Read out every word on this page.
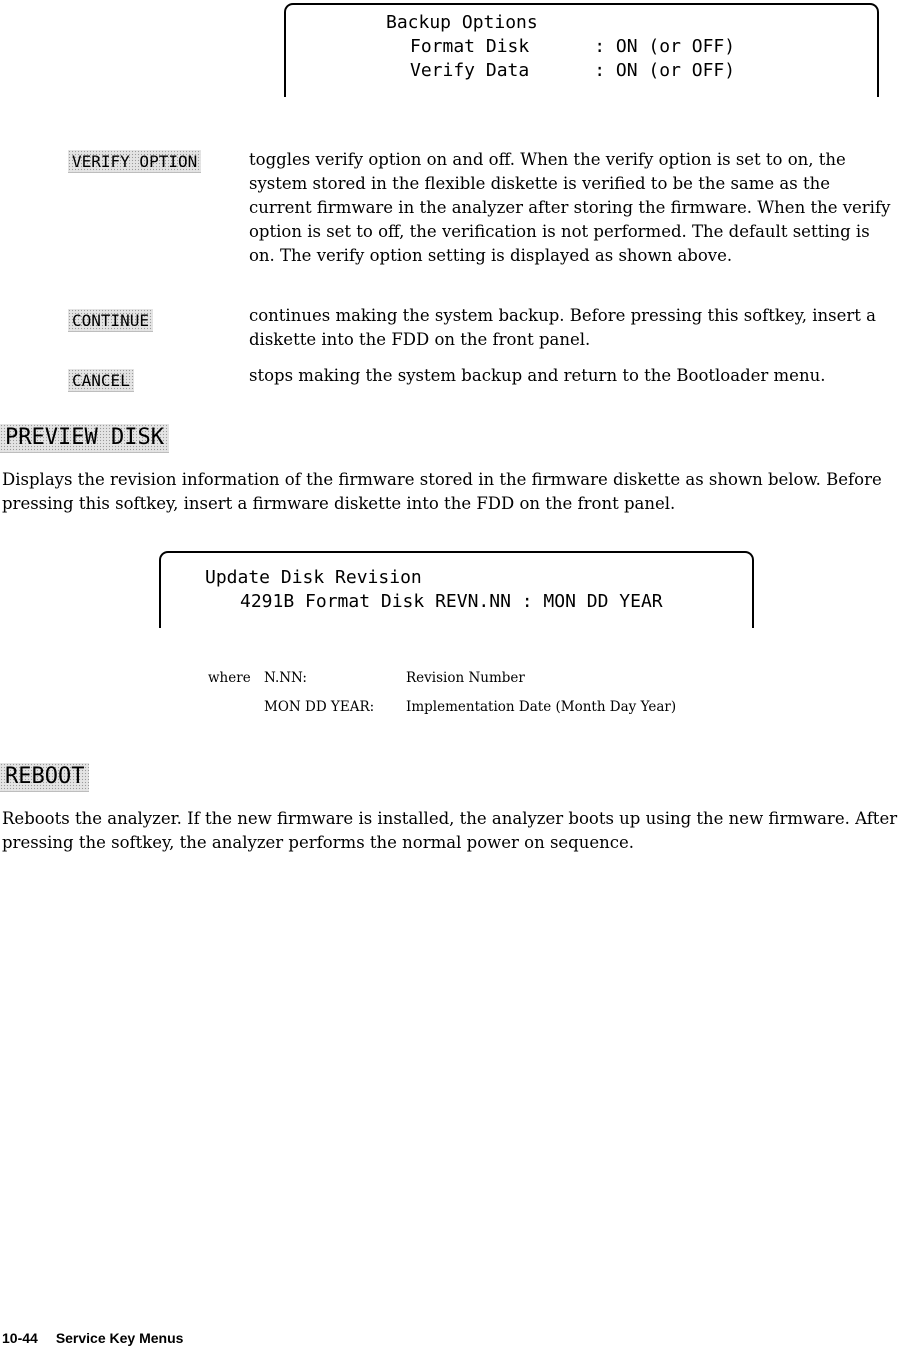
Backup Options

Format Disk      : ON (or OFF)

Verify Data      : ON (or OFF)

VERIFY OPTION	toggles verify option on and off. When the verify option is set to on, the system stored in the flexible diskette is verified to be the same as the current firmware in the analyzer after storing the firmware. When the verify option is set to off, the verification is not performed. The default setting is on. The verify option setting is displayed as shown above.
CONTINUE	continues making the system backup. Before pressing this softkey, insert a diskette into the FDD on the front panel.
CANCEL	stops making the system backup and return to the Bootloader menu.
PREVIEW DISK
Displays the revision information of the firmware stored in the firmware diskette as shown below. Before pressing this softkey, insert a firmware diskette into the FDD on the front panel.

Update Disk Revision

4291B Format Disk REVN.NN : MON DD YEAR

where N.NN:	Revision Number
MON DD YEAR: Implementation Date (Month Day Year)
REBOOT
Reboots the analyzer. If the new firmware is installed, the analyzer boots up using the new firmware. After pressing the softkey, the analyzer performs the normal power on sequence.
10-44 Service Key Menus
